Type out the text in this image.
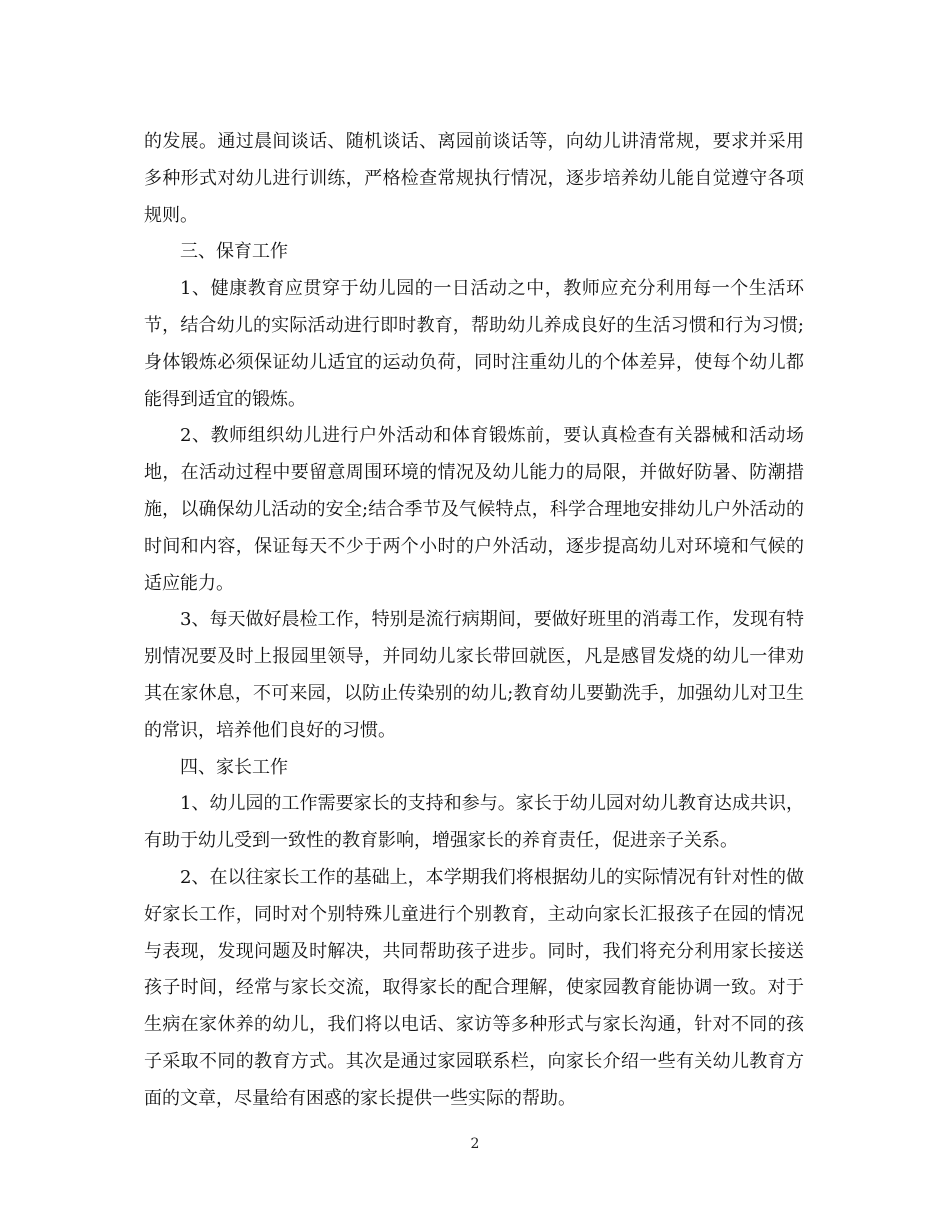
的发展。通过晨间谈话、随机谈话、离园前谈话等，向幼儿讲清常规，要求并采用多种形式对幼儿进行训练，严格检查常规执行情况，逐步培养幼儿能自觉遵守各项规则。

三、保育工作

1、健康教育应贯穿于幼儿园的一日活动之中，教师应充分利用每一个生活环节，结合幼儿的实际活动进行即时教育，帮助幼儿养成良好的生活习惯和行为习惯;身体锻炼必须保证幼儿适宜的运动负荷，同时注重幼儿的个体差异，使每个幼儿都能得到适宜的锻炼。

2、教师组织幼儿进行户外活动和体育锻炼前，要认真检查有关器械和活动场地，在活动过程中要留意周围环境的情况及幼儿能力的局限，并做好防暑、防潮措施，以确保幼儿活动的安全;结合季节及气候特点，科学合理地安排幼儿户外活动的时间和内容，保证每天不少于两个小时的户外活动，逐步提高幼儿对环境和气候的适应能力。

3、每天做好晨检工作，特别是流行病期间，要做好班里的消毒工作，发现有特别情况要及时上报园里领导，并同幼儿家长带回就医，凡是感冒发烧的幼儿一律劝其在家休息，不可来园，以防止传染别的幼儿;教育幼儿要勤洗手，加强幼儿对卫生的常识，培养他们良好的习惯。

四、家长工作

1、幼儿园的工作需要家长的支持和参与。家长于幼儿园对幼儿教育达成共识，有助于幼儿受到一致性的教育影响，增强家长的养育责任，促进亲子关系。

2、在以往家长工作的基础上，本学期我们将根据幼儿的实际情况有针对性的做好家长工作，同时对个别特殊儿童进行个别教育，主动向家长汇报孩子在园的情况与表现，发现问题及时解决，共同帮助孩子进步。同时，我们将充分利用家长接送孩子时间，经常与家长交流，取得家长的配合理解，使家园教育能协调一致。对于生病在家休养的幼儿，我们将以电话、家访等多种形式与家长沟通，针对不同的孩子采取不同的教育方式。其次是通过家园联系栏，向家长介绍一些有关幼儿教育方面的文章，尽量给有困惑的家长提供一些实际的帮助。

2
